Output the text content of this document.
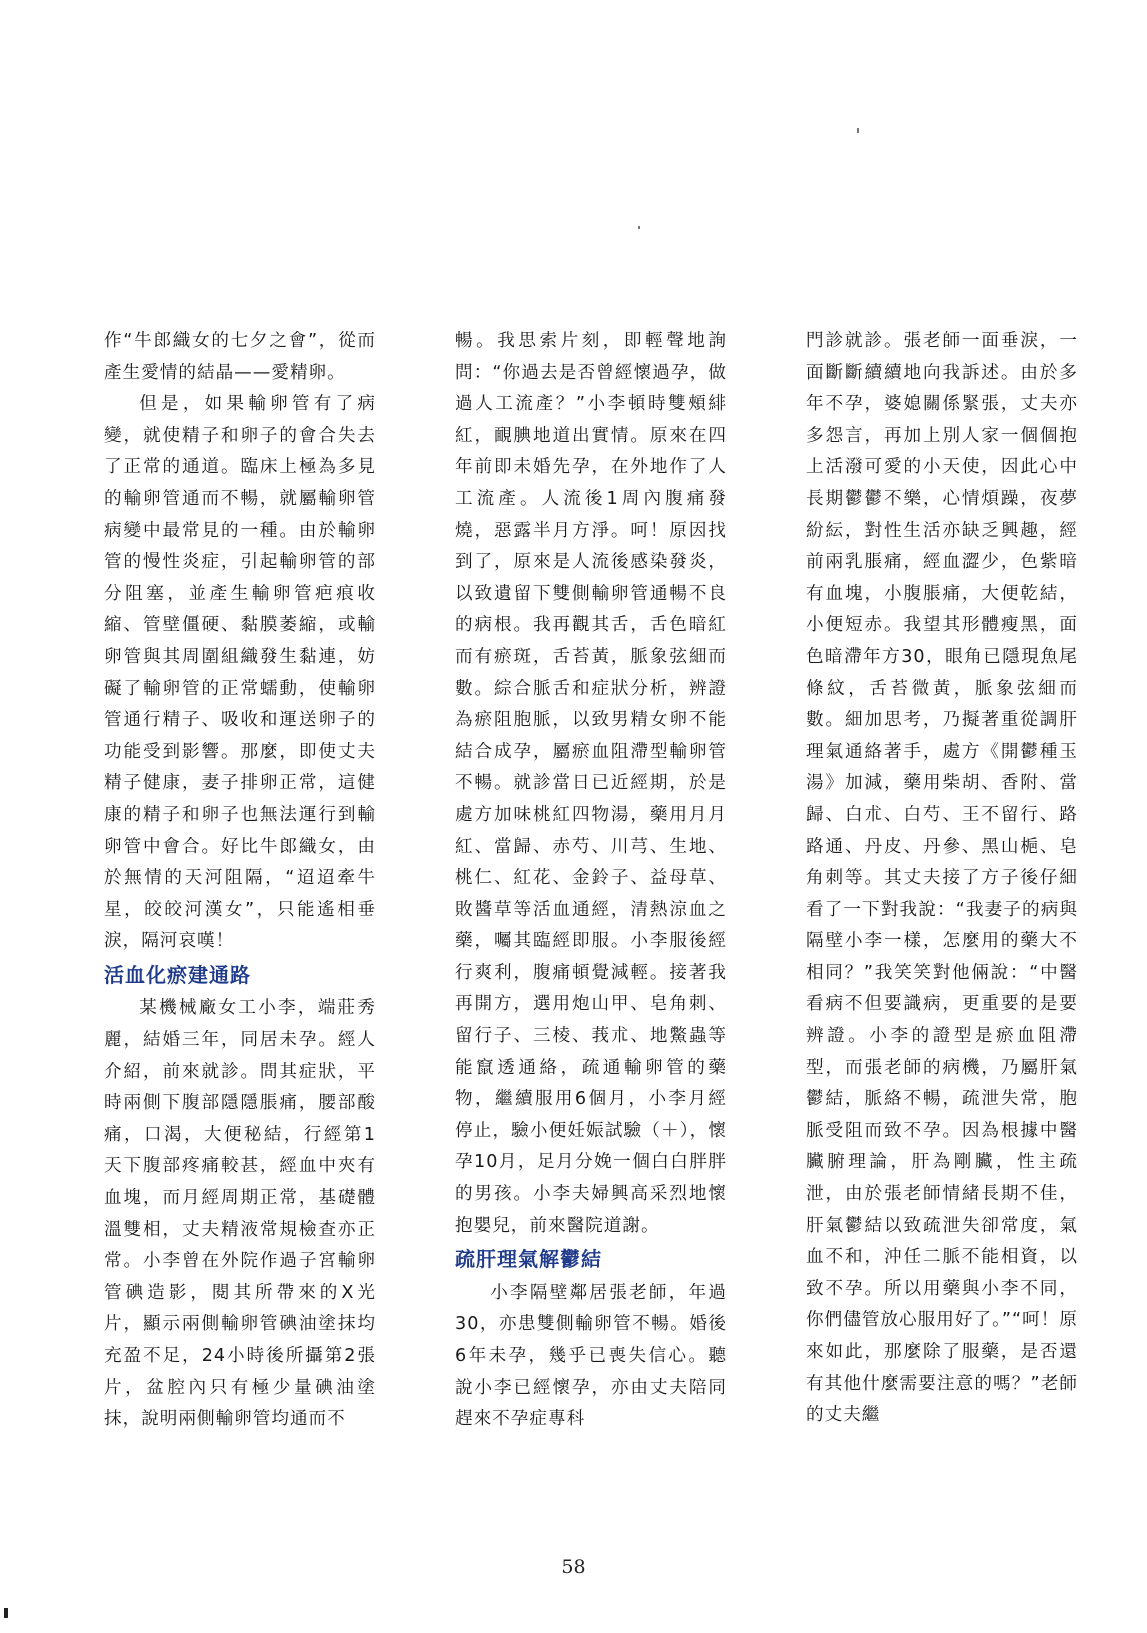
作“牛郎織女的七夕之會”，從而產生愛情的結晶——愛精卵。

但是，如果輸卵管有了病變，就使精子和卵子的會合失去了正常的通道。臨床上極為多見的輸卵管通而不暢，就屬輸卵管病變中最常見的一種。由於輸卵管的慢性炎症，引起輸卵管的部分阻塞，並產生輸卵管疤痕收縮、管壁僵硬、黏膜萎縮，或輸卵管與其周圍組織發生黏連，妨礙了輸卵管的正常蠕動，使輸卵管通行精子、吸收和運送卵子的功能受到影響。那麼，即使丈夫精子健康，妻子排卵正常，這健康的精子和卵子也無法運行到輸卵管中會合。好比牛郎織女，由於無情的天河阻隔，“迢迢牽牛星，皎皎河漢女”，只能遙相垂淚，隔河哀嘆！

活血化瘀建通路

某機械廠女工小李，端莊秀麗，結婚三年，同居未孕。經人介紹，前來就診。問其症狀，平時兩側下腹部隱隱脹痛，腰部酸痛，口渴，大便秘結，行經第1天下腹部疼痛較甚，經血中夾有血塊，而月經周期正常，基礎體溫雙相，丈夫精液常規檢查亦正常。小李曾在外院作過子宮輸卵管碘造影，閱其所帶來的X光片，顯示兩側輸卵管碘油塗抹均充盈不足，24小時後所攝第2張片，盆腔內只有極少量碘油塗抹，說明兩側輸卵管均通而不

暢。我思索片刻，即輕聲地詢問：“你過去是否曾經懷過孕，做過人工流產？”小李頓時雙頰緋紅，靦腆地道出實情。原來在四年前即未婚先孕，在外地作了人工流產。人流後1周內腹痛發燒，惡露半月方淨。呵！原因找到了，原來是人流後感染發炎，以致遺留下雙側輸卵管通暢不良的病根。我再觀其舌，舌色暗紅而有瘀斑，舌苔黃，脈象弦細而數。綜合脈舌和症狀分析，辨證為瘀阻胞脈，以致男精女卵不能結合成孕，屬瘀血阻滯型輸卵管不暢。就診當日已近經期，於是處方加味桃紅四物湯，藥用月月紅、當歸、赤芍、川芎、生地、桃仁、紅花、金鈴子、益母草、敗醬草等活血通經，清熱涼血之藥，囑其臨經即服。小李服後經行爽利，腹痛頓覺減輕。接著我再開方，選用炮山甲、皂角刺、留行子、三棱、莪朮、地鱉蟲等能竄透通絡，疏通輸卵管的藥物，繼續服用6個月，小李月經停止，驗小便妊娠試驗（＋），懷孕10月，足月分娩一個白白胖胖的男孩。小李夫婦興高采烈地懷抱嬰兒，前來醫院道謝。

疏肝理氣解鬱結

小李隔壁鄰居張老師，年過30，亦患雙側輸卵管不暢。婚後6年未孕，幾乎已喪失信心。聽說小李已經懷孕，亦由丈夫陪同趕來不孕症專科

門診就診。張老師一面垂淚，一面斷斷續續地向我訴述。由於多年不孕，婆媳關係緊張，丈夫亦多怨言，再加上別人家一個個抱上活潑可愛的小天使，因此心中長期鬱鬱不樂，心情煩躁，夜夢紛紜，對性生活亦缺乏興趣，經前兩乳脹痛，經血澀少，色紫暗有血塊，小腹脹痛，大便乾結，小便短赤。我望其形體瘦黑，面色暗滯年方30，眼角已隱現魚尾條紋，舌苔微黃，脈象弦細而數。細加思考，乃擬著重從調肝理氣通絡著手，處方《開鬱種玉湯》加減，藥用柴胡、香附、當歸、白朮、白芍、王不留行、路路通、丹皮、丹參、黑山梔、皂角刺等。其丈夫接了方子後仔細看了一下對我說：“我妻子的病與隔壁小李一樣，怎麼用的藥大不相同？”我笑笑對他倆說：“中醫看病不但要識病，更重要的是要辨證。小李的證型是瘀血阻滯型，而張老師的病機，乃屬肝氣鬱結，脈絡不暢，疏泄失常，胞脈受阻而致不孕。因為根據中醫臟腑理論，肝為剛臟，性主疏泄，由於張老師情緒長期不佳，肝氣鬱結以致疏泄失卻常度，氣血不和，沖任二脈不能相資，以致不孕。所以用藥與小李不同，你們儘管放心服用好了。”“呵！原來如此，那麼除了服藥，是否還有其他什麼需要注意的嗎？”老師的丈夫繼

58
